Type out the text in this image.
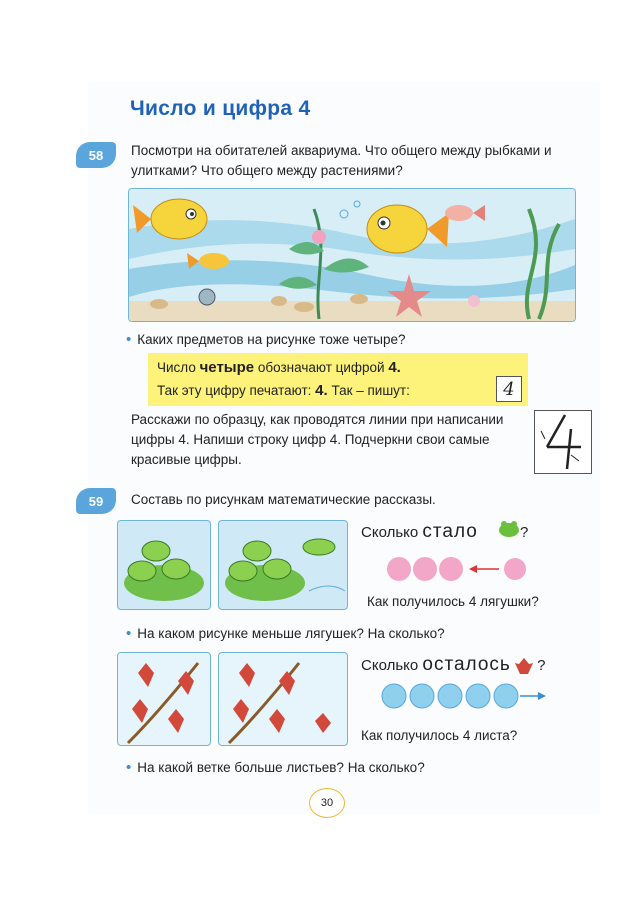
Число и цифра 4
58	Посмотри на обитателей аквариума. Что общего между рыбками и улитками? Что общего между растениями?
• Каких предметов на рисунке тоже четыре?
Число четыре обозначают цифрой 4.
Так эту цифру печатают: 4. Так – пишут:	4
Расскажи по образцу, как проводятся линии при написании цифры 4. Напиши строку цифр 4. Подчеркни свои самые красивые цифры.
59	Составь по рисункам математические рассказы.
Сколько стало	?
Как получилось 4 лягушки?
• На каком рисунке меньше лягушек? На сколько?
Сколько осталось ?
Как получилось 4 листа?
• На какой ветке больше листьев? На сколько?
30
